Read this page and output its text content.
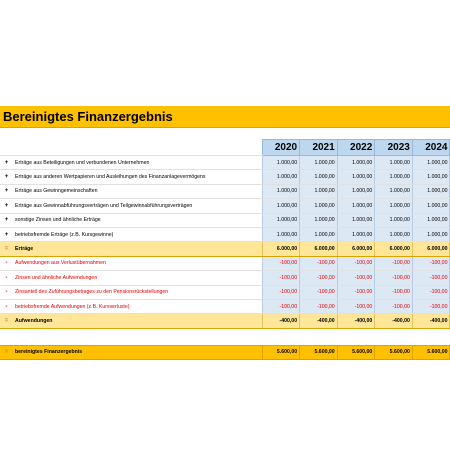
Bereinigtes Finanzergebnis
		2020	2021	2022	2023	2024
+	Erträge aus Beteiligungen und verbundenen Unternehmen	1.000,00	1.000,00	1.000,00	1.000,00	1.000,00
+	Erträge aus anderen Wertpapieren und Ausleihungen des Finanzanlagevermögens	1.000,00	1.000,00	1.000,00	1.000,00	1.000,00
+	Erträge aus Gewinngemeinschaften	1.000,00	1.000,00	1.000,00	1.000,00	1.000,00
+	Erträge aus Gewinnabführungsverträgen und Teilgewinnabführungsverträgen	1.000,00	1.000,00	1.000,00	1.000,00	1.000,00
+	sonstige Zinsen und ähnliche Erträge	1.000,00	1.000,00	1.000,00	1.000,00	1.000,00
+	betriebsfremde Erträge (z.B. Kursgewinne)	1.000,00	1.000,00	1.000,00	1.000,00	1.000,00
=	Erträge	6.000,00	6.000,00	6.000,00	6.000,00	6.000,00
-	Aufwendungen aus Verlustübernahmen	-100,00	-100,00	-100,00	-100,00	-100,00
-	Zinsen und ähnliche Aufwendungen	-100,00	-100,00	-100,00	-100,00	-100,00
-	Zinsanteil des Zuführungsbetrages zu den Pensionsrückstellungen	-100,00	-100,00	-100,00	-100,00	-100,00
-	betriebsfremde Aufwendungen (z.B. Kursverluste)	-100,00	-100,00	-100,00	-100,00	-100,00
=	Aufwendungen	-400,00	-400,00	-400,00	-400,00	-400,00

=	bereinigtes Finanzergebnis	5.600,00	5.600,00	5.600,00	5.600,00	5.600,00
